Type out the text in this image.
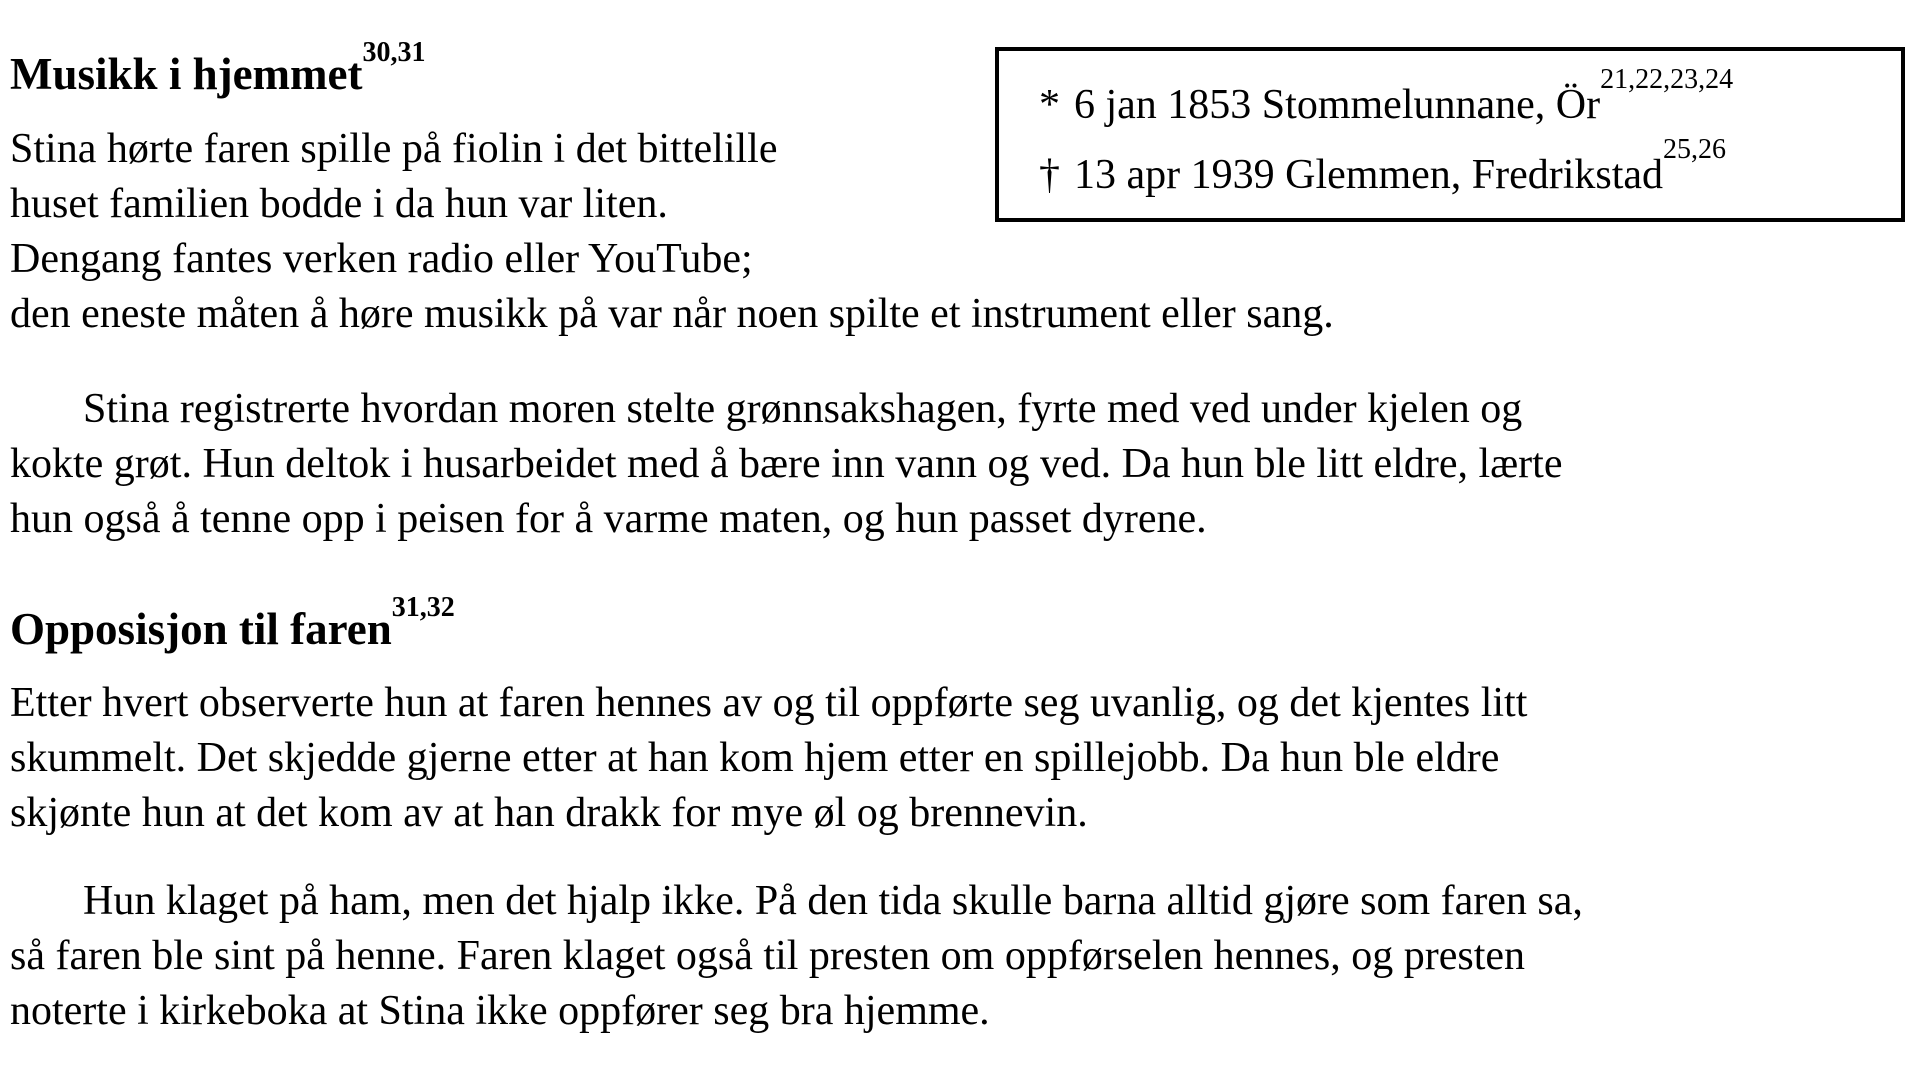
Musikk i hjemmet$^{30,31}$
* 6 jan 1853 Stommelunnane, Ör$^{21,22,23,24}$
† 13 apr 1939 Glemmen, Fredrikstad$^{25,26}$
Stina hørte faren spille på fiolin i det bittelille
huset familien bodde i da hun var liten.
Dengang fantes verken radio eller YouTube;
den eneste måten å høre musikk på var når noen spilte et instrument eller sang.
Stina registrerte hvordan moren stelte grønnsakshagen, fyrte med ved under kjelen og
kokte grøt. Hun deltok i husarbeidet med å bære inn vann og ved. Da hun ble litt eldre, lærte
hun også å tenne opp i peisen for å varme maten, og hun passet dyrene.
Opposisjon til faren$^{31,32}$
Etter hvert observerte hun at faren hennes av og til oppførte seg uvanlig, og det kjentes litt
skummelt. Det skjedde gjerne etter at han kom hjem etter en spillejobb. Da hun ble eldre
skjønte hun at det kom av at han drakk for mye øl og brennevin.
Hun klaget på ham, men det hjalp ikke. På den tida skulle barna alltid gjøre som faren sa,
så faren ble sint på henne. Faren klaget også til presten om oppførselen hennes, og presten
noterte i kirkeboka at Stina ikke oppfører seg bra hjemme.
